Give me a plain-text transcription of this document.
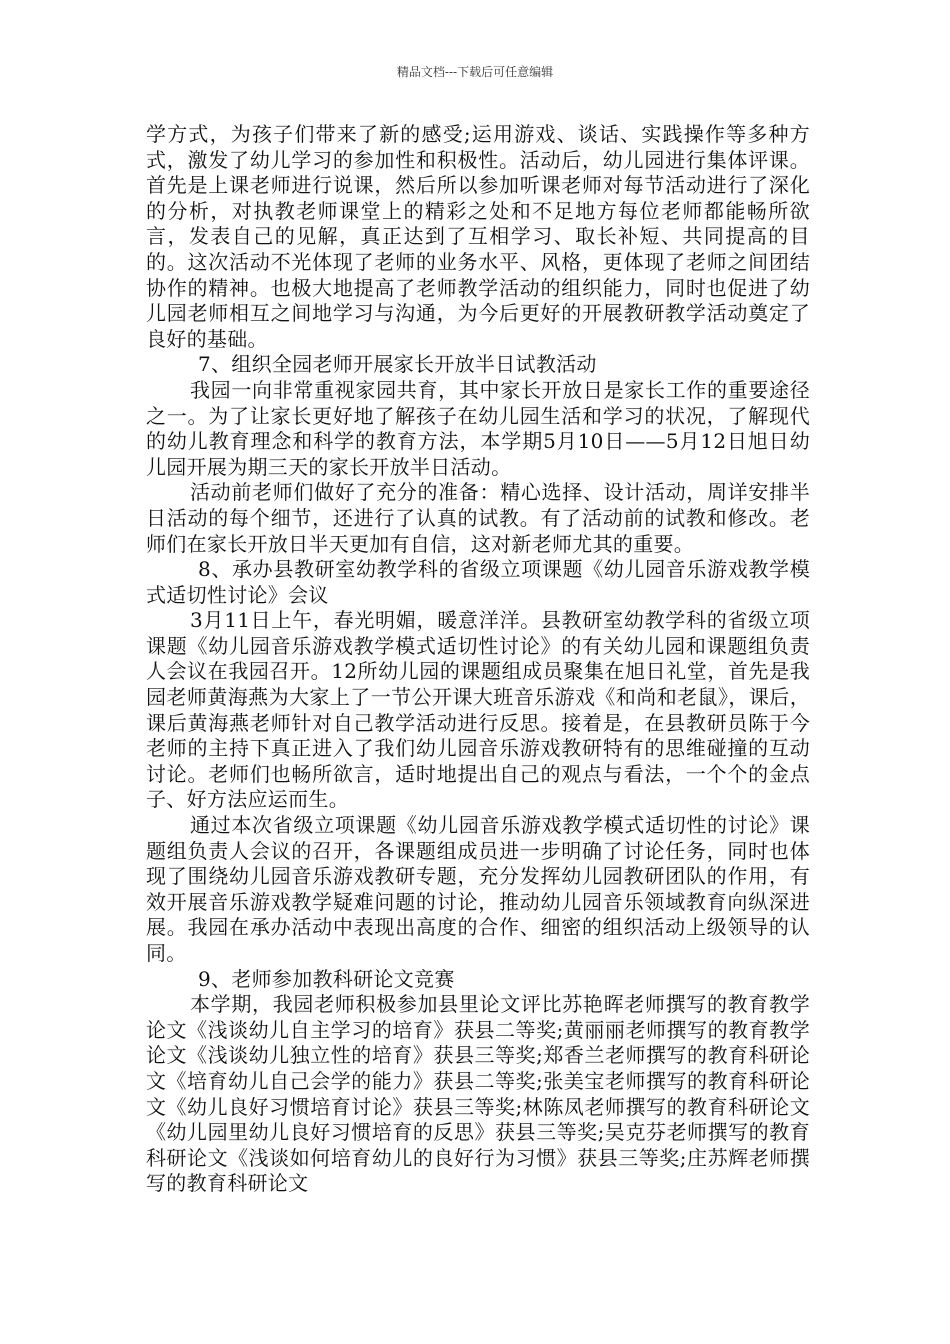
精品文档---下载后可任意编辑

学方式，为孩子们带来了新的感受;运用游戏、谈话、实践操作等多种方式，激发了幼儿学习的参加性和积极性。活动后，幼儿园进行集体评课。首先是上课老师进行说课，然后所以参加听课老师对每节活动进行了深化的分析，对执教老师课堂上的精彩之处和不足地方每位老师都能畅所欲言，发表自己的见解，真正达到了互相学习、取长补短、共同提高的目的。这次活动不光体现了老师的业务水平、风格，更体现了老师之间团结协作的精神。也极大地提高了老师教学活动的组织能力，同时也促进了幼儿园老师相互之间地学习与沟通，为今后更好的开展教研教学活动奠定了良好的基础。

7、组织全园老师开展家长开放半日试教活动

我园一向非常重视家园共育，其中家长开放日是家长工作的重要途径之一。为了让家长更好地了解孩子在幼儿园生活和学习的状况，了解现代的幼儿教育理念和科学的教育方法，本学期5月10日——5月12日旭日幼儿园开展为期三天的家长开放半日活动。

活动前老师们做好了充分的准备：精心选择、设计活动，周详安排半日活动的每个细节，还进行了认真的试教。有了活动前的试教和修改。老师们在家长开放日半天更加有自信，这对新老师尤其的重要。

8、承办县教研室幼教学科的省级立项课题《幼儿园音乐游戏教学模式适切性讨论》会议

3月11日上午，春光明媚，暖意洋洋。县教研室幼教学科的省级立项课题《幼儿园音乐游戏教学模式适切性讨论》的有关幼儿园和课题组负责人会议在我园召开。12所幼儿园的课题组成员聚集在旭日礼堂，首先是我园老师黄海燕为大家上了一节公开课大班音乐游戏《和尚和老鼠》，课后，课后黄海燕老师针对自己教学活动进行反思。接着是，在县教研员陈于今老师的主持下真正进入了我们幼儿园音乐游戏教研特有的思维碰撞的互动讨论。老师们也畅所欲言，适时地提出自己的观点与看法，一个个的金点子、好方法应运而生。

通过本次省级立项课题《幼儿园音乐游戏教学模式适切性的讨论》课题组负责人会议的召开，各课题组成员进一步明确了讨论任务，同时也体现了围绕幼儿园音乐游戏教研专题，充分发挥幼儿园教研团队的作用，有效开展音乐游戏教学疑难问题的讨论，推动幼儿园音乐领域教育向纵深进展。我园在承办活动中表现出高度的合作、细密的组织活动上级领导的认同。

9、老师参加教科研论文竞赛

本学期，我园老师积极参加县里论文评比苏艳晖老师撰写的教育教学论文《浅谈幼儿自主学习的培育》获县二等奖;黄丽丽老师撰写的教育教学论文《浅谈幼儿独立性的培育》获县三等奖;郑香兰老师撰写的教育科研论文《培育幼儿自己会学的能力》获县二等奖;张美宝老师撰写的教育科研论文《幼儿良好习惯培育讨论》获县三等奖;林陈凤老师撰写的教育科研论文《幼儿园里幼儿良好习惯培育的反思》获县三等奖;吴克芬老师撰写的教育科研论文《浅谈如何培育幼儿的良好行为习惯》获县三等奖;庄苏辉老师撰写的教育科研论文
